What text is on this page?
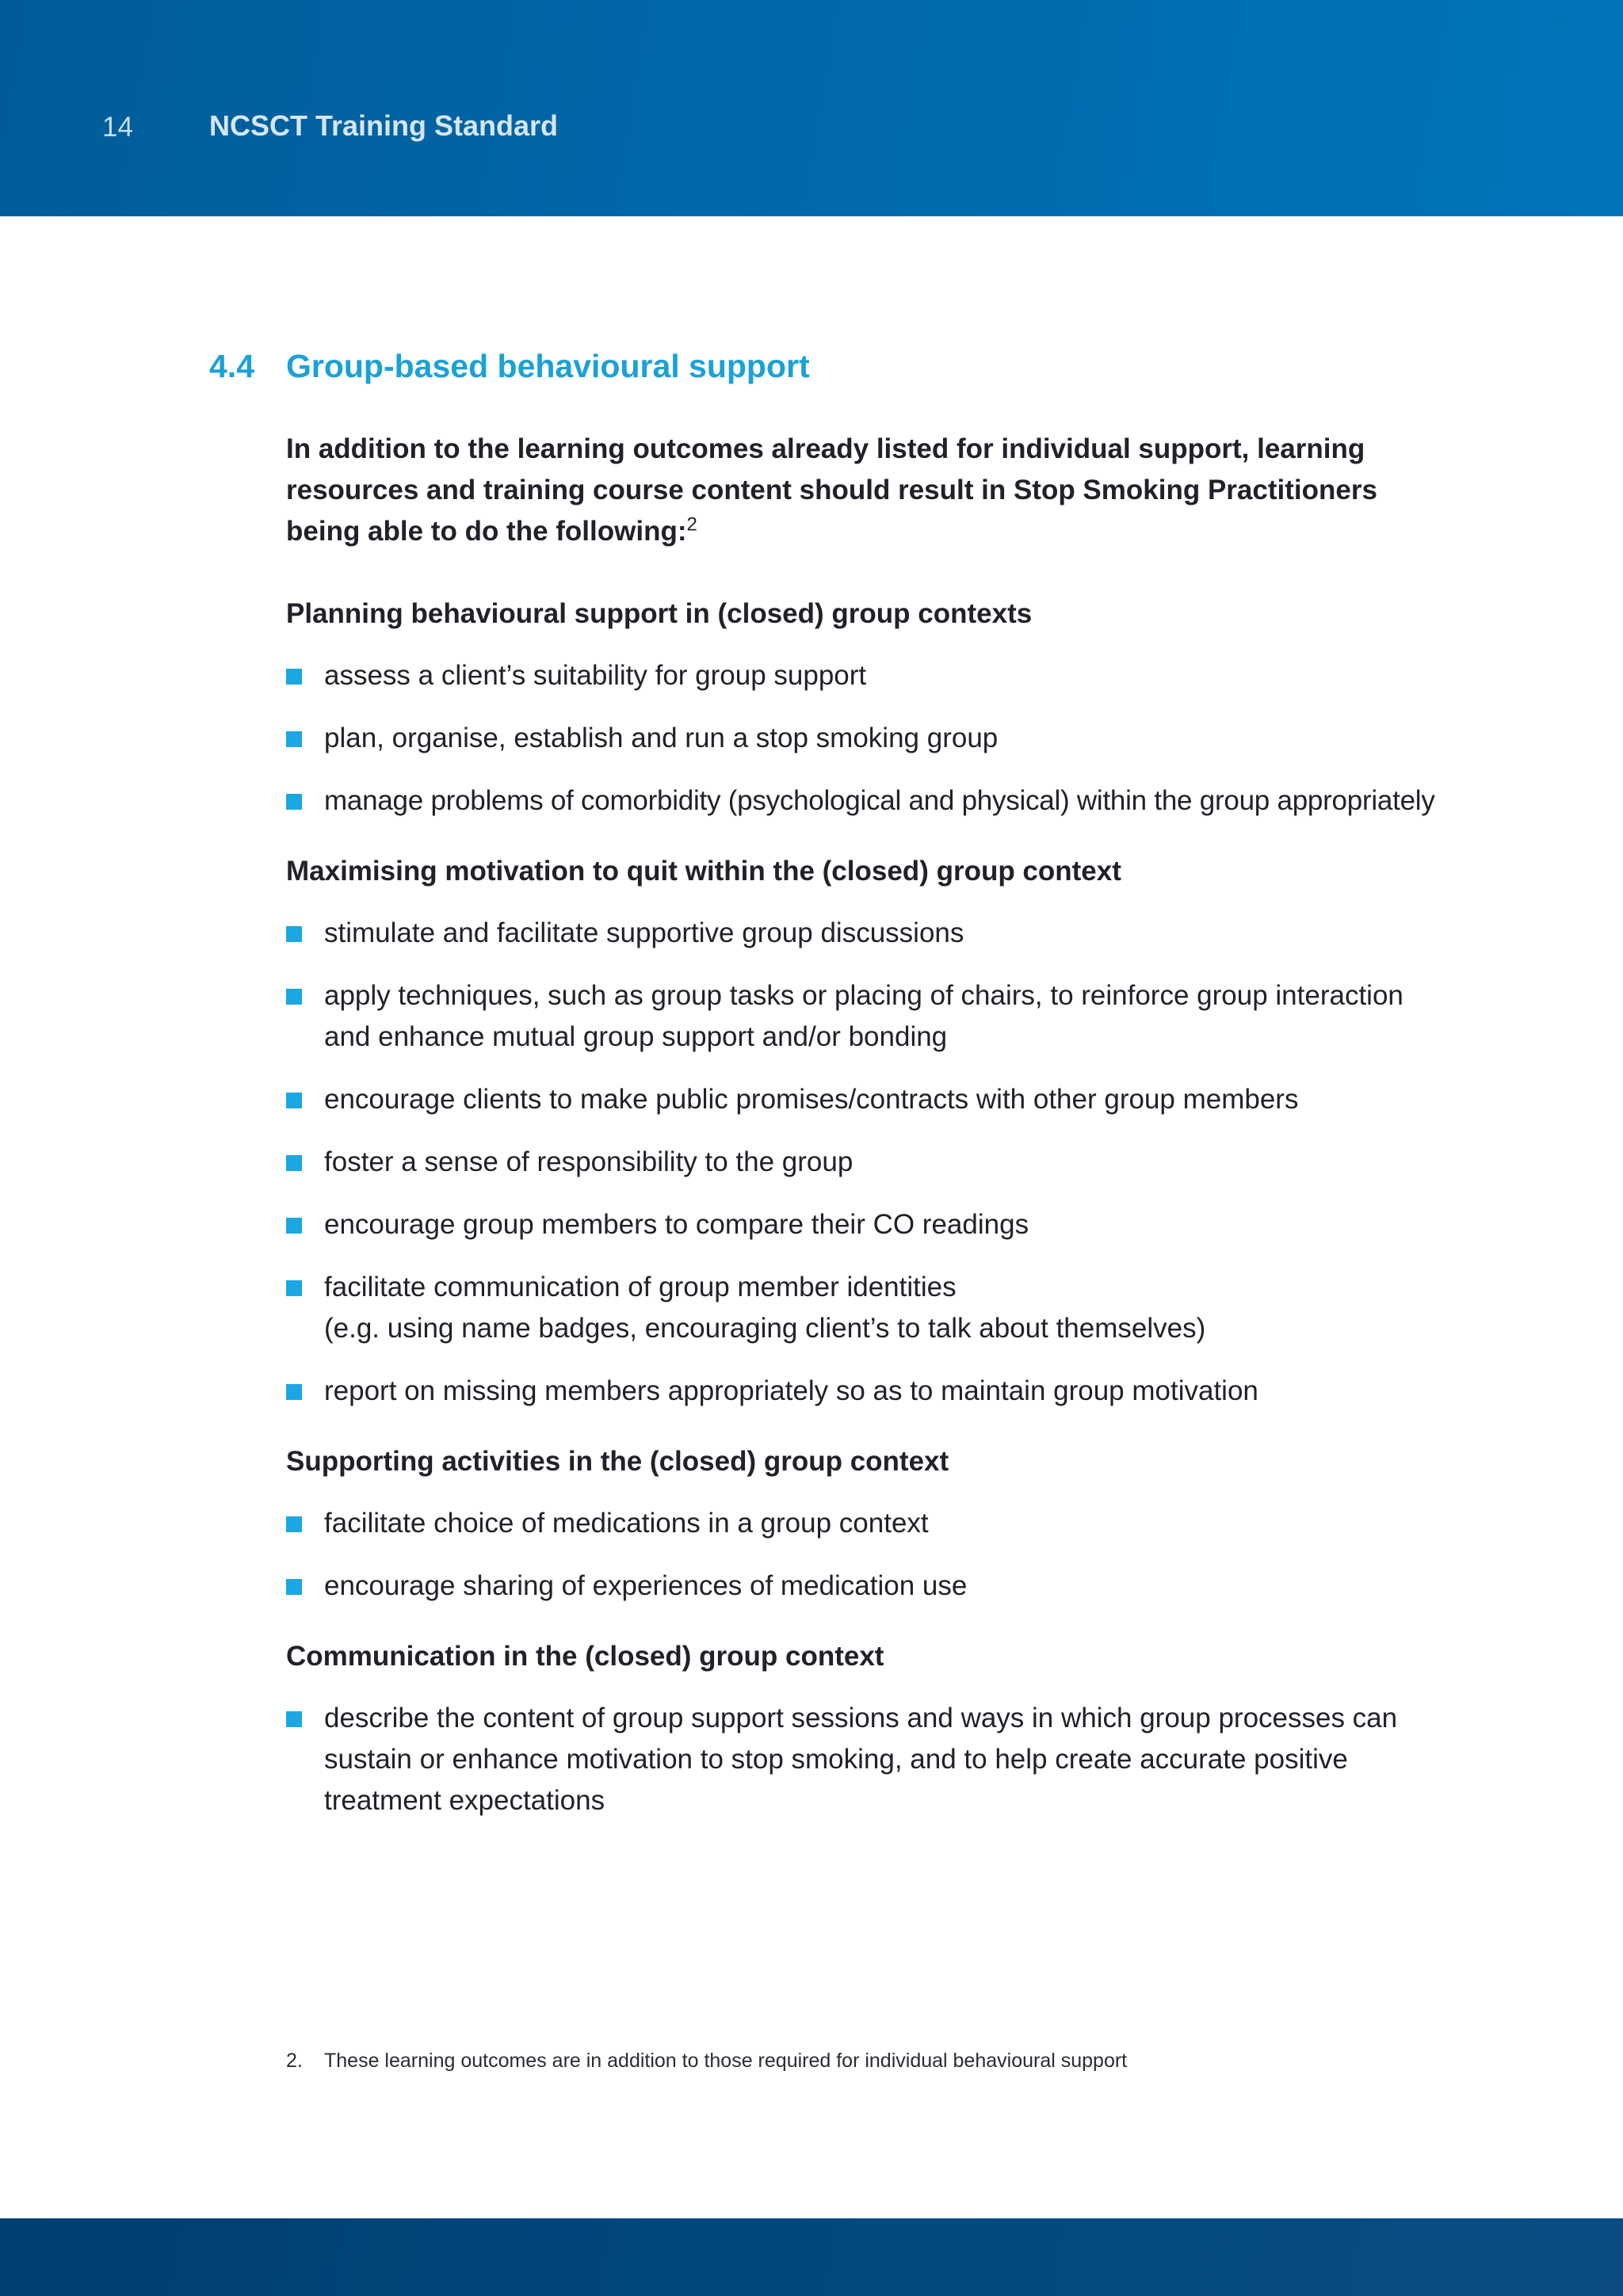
14	NCSCT Training Standard
4.4 Group-based behavioural support

In addition to the learning outcomes already listed for individual support, learning resources and training course content should result in Stop Smoking Practitioners being able to do the following:$^2$

Planning behavioural support in (closed) group contexts
assess a client’s suitability for group support
plan, organise, establish and run a stop smoking group
manage problems of comorbidity (psychological and physical) within the group appropriately
Maximising motivation to quit within the (closed) group context
stimulate and facilitate supportive group discussions
apply techniques, such as group tasks or placing of chairs, to reinforce group interaction and enhance mutual group support and/or bonding
encourage clients to make public promises/contracts with other group members
foster a sense of responsibility to the group
encourage group members to compare their CO readings
facilitate communication of group member identities
(e.g. using name badges, encouraging client’s to talk about themselves)
report on missing members appropriately so as to maintain group motivation
Supporting activities in the (closed) group context
facilitate choice of medications in a group context
encourage sharing of experiences of medication use
Communication in the (closed) group context
describe the content of group support sessions and ways in which group processes can sustain or enhance motivation to stop smoking, and to help create accurate positive treatment expectations
2. These learning outcomes are in addition to those required for individual behavioural support
